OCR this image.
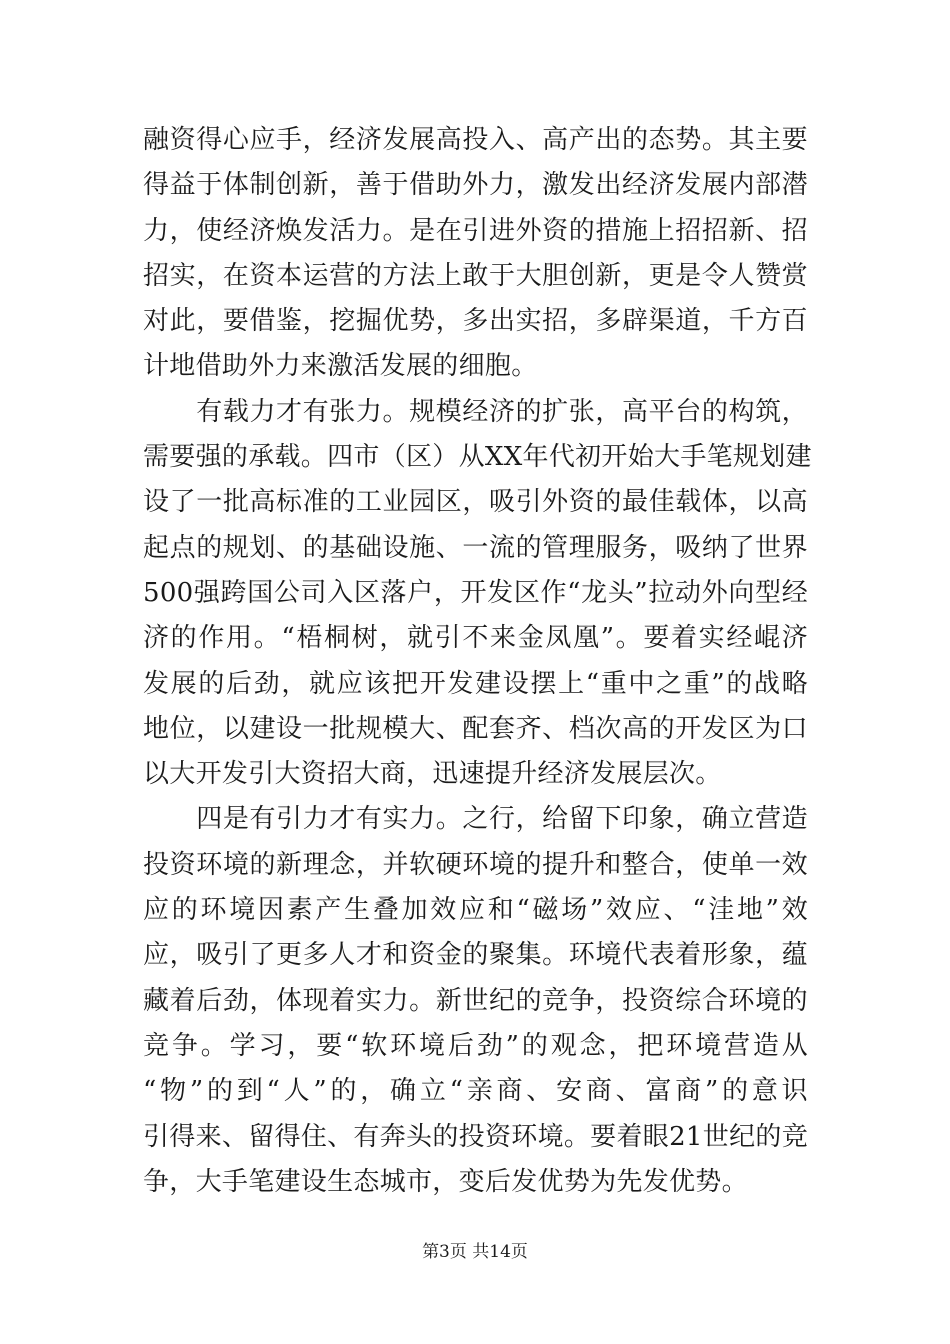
融资得心应手，经济发展高投入、高产出的态势。其主要
得益于体制创新，善于借助外力，激发出经济发展内部潜
力，使经济焕发活力。是在引进外资的措施上招招新、招
招实，在资本运营的方法上敢于大胆创新，更是令人赞赏
对此，要借鉴，挖掘优势，多出实招，多辟渠道，千方百
计地借助外力来激活发展的细胞。
　　有载力才有张力。规模经济的扩张，高平台的构筑，
需要强的承载。四市（区）从XX年代初开始大手笔规划建
设了一批高标准的工业园区，吸引外资的最佳载体，以高
起点的规划、的基础设施、一流的管理服务，吸纳了世界
500强跨国公司入区落户，开发区作“龙头”拉动外向型经
济的作用。“梧桐树，就引不来金凤凰”。要着实经崐济
发展的后劲，就应该把开发建设摆上“重中之重”的战略
地位，以建设一批规模大、配套齐、档次高的开发区为口
以大开发引大资招大商，迅速提升经济发展层次。
　　四是有引力才有实力。之行，给留下印象，确立营造
投资环境的新理念，并软硬环境的提升和整合，使单一效
应的环境因素产生叠加效应和“磁场”效应、“洼地”效
应，吸引了更多人才和资金的聚集。环境代表着形象，蕴
藏着后劲，体现着实力。新世纪的竞争，投资综合环境的
竞争。学习，要“软环境后劲”的观念，把环境营造从
“物”的到“人”的，确立“亲商、安商、富商”的意识
引得来、留得住、有奔头的投资环境。要着眼21世纪的竞
争，大手笔建设生态城市，变后发优势为先发优势。
第3页 共14页
